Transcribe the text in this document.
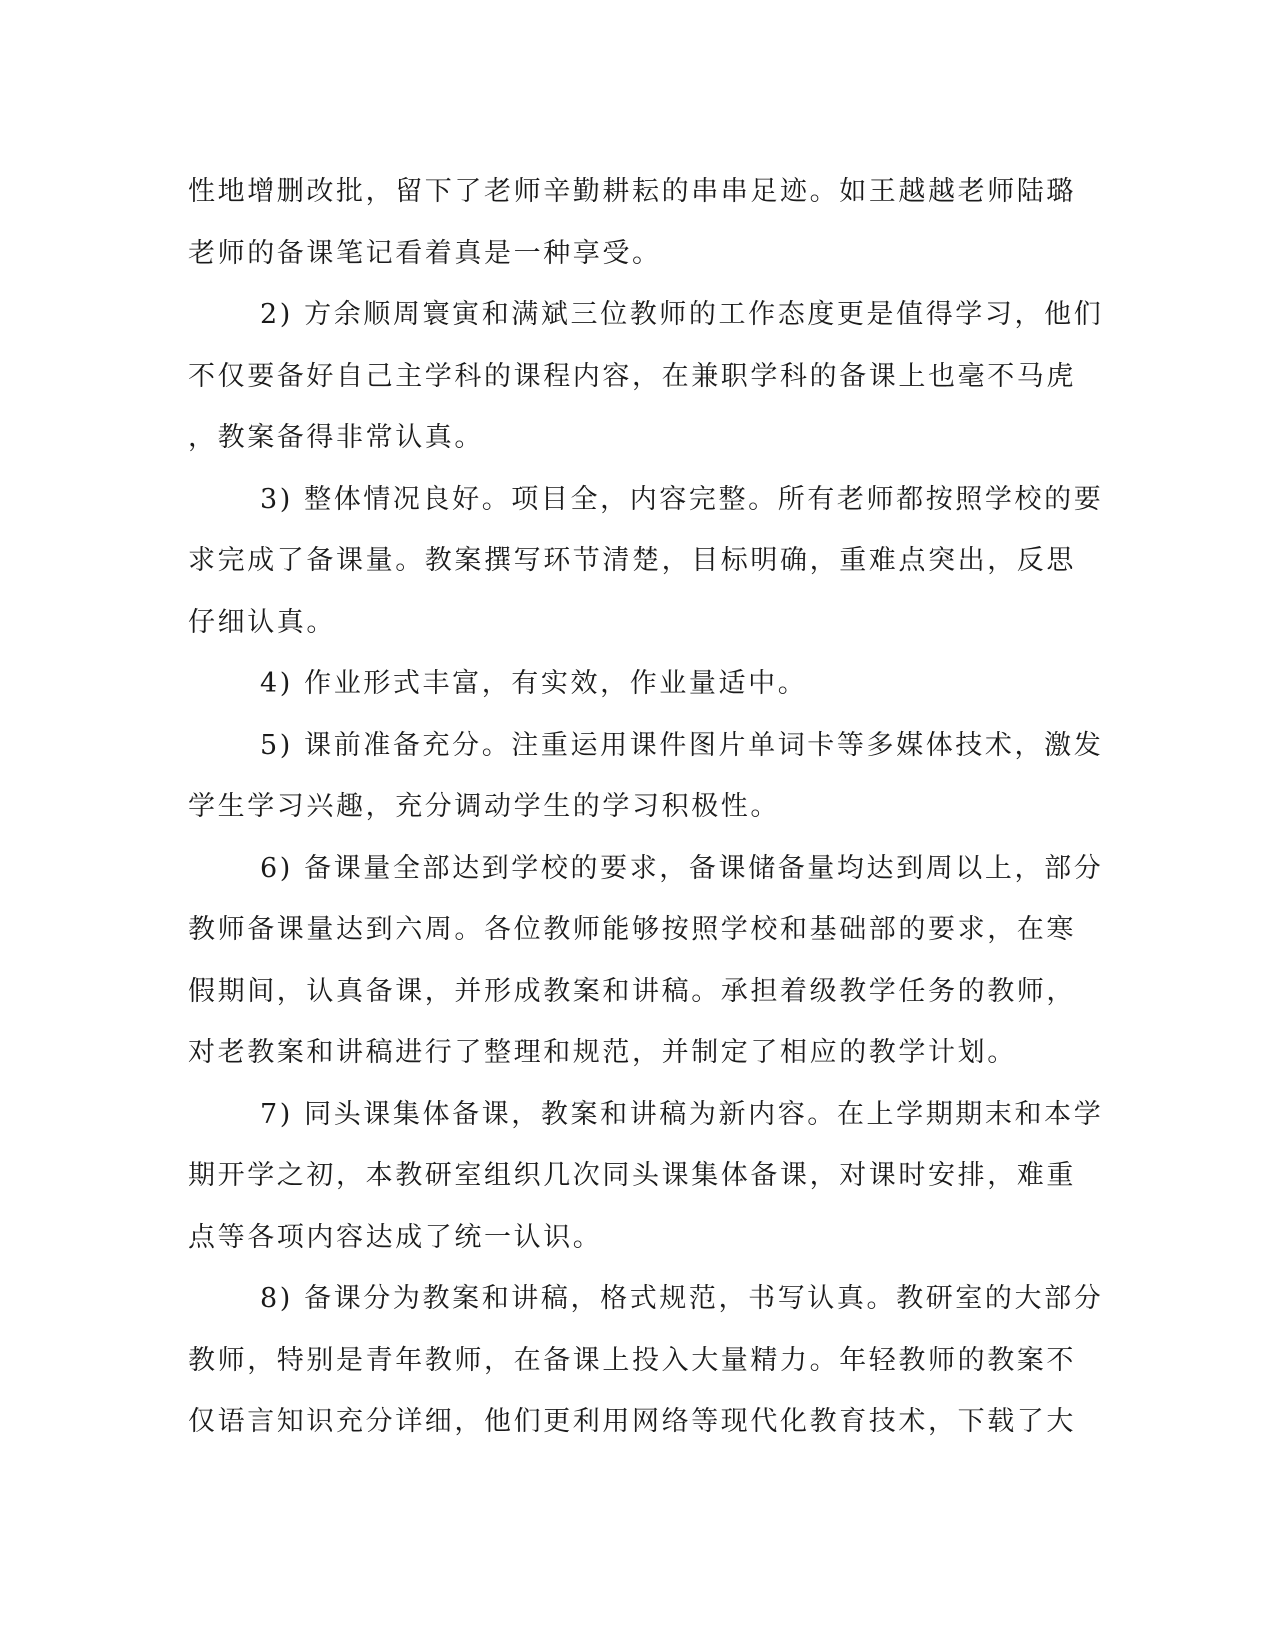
性地增删改批，留下了老师辛勤耕耘的串串足迹。如王越越老师陆璐
老师的备课笔记看着真是一种享受。
2) 方余顺周寰寅和满斌三位教师的工作态度更是值得学习，他们
不仅要备好自己主学科的课程内容，在兼职学科的备课上也毫不马虎
，教案备得非常认真。
3) 整体情况良好。项目全，内容完整。所有老师都按照学校的要
求完成了备课量。教案撰写环节清楚，目标明确，重难点突出，反思
仔细认真。
4) 作业形式丰富，有实效，作业量适中。
5) 课前准备充分。注重运用课件图片单词卡等多媒体技术，激发
学生学习兴趣，充分调动学生的学习积极性。
6) 备课量全部达到学校的要求，备课储备量均达到周以上，部分
教师备课量达到六周。各位教师能够按照学校和基础部的要求，在寒
假期间，认真备课，并形成教案和讲稿。承担着级教学任务的教师，
对老教案和讲稿进行了整理和规范，并制定了相应的教学计划。
7) 同头课集体备课，教案和讲稿为新内容。在上学期期末和本学
期开学之初，本教研室组织几次同头课集体备课，对课时安排，难重
点等各项内容达成了统一认识。
8) 备课分为教案和讲稿，格式规范，书写认真。教研室的大部分
教师，特别是青年教师，在备课上投入大量精力。年轻教师的教案不
仅语言知识充分详细，他们更利用网络等现代化教育技术，下载了大
